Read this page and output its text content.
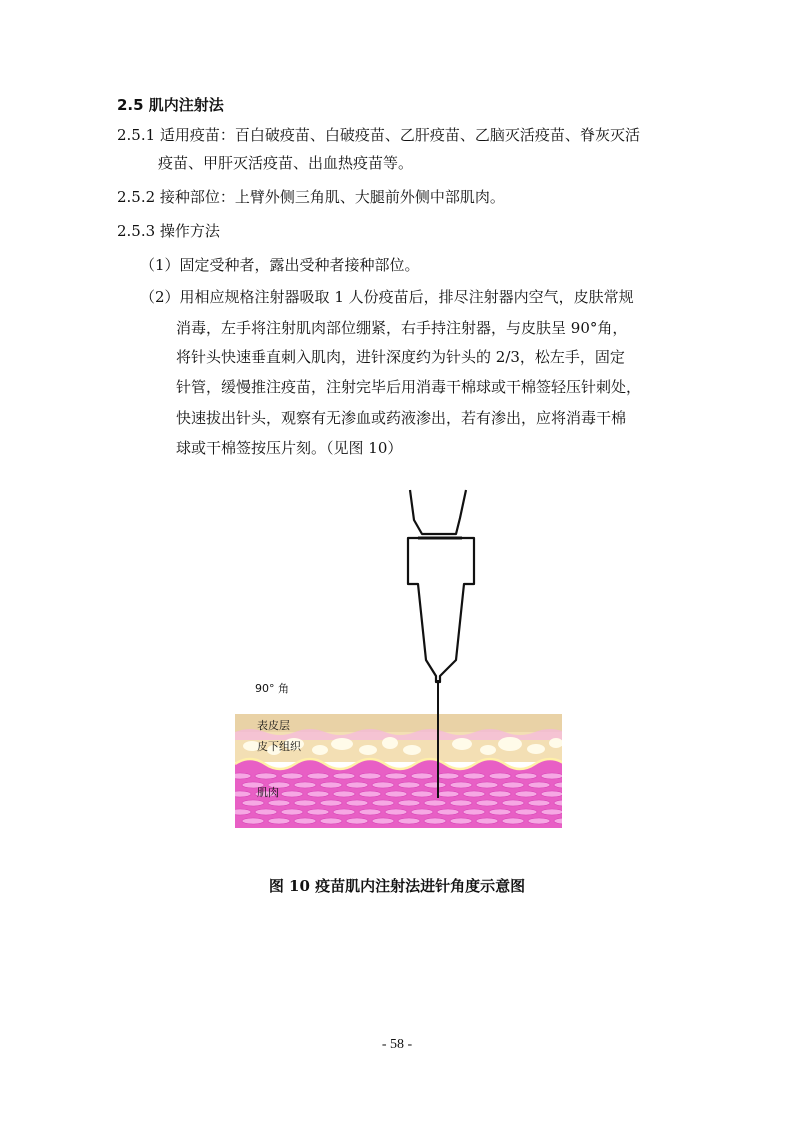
2.5 肌内注射法
2.5.1 适用疫苗：百白破疫苗、白破疫苗、乙肝疫苗、乙脑灭活疫苗、脊灰灭活
疫苗、甲肝灭活疫苗、出血热疫苗等。
2.5.2 接种部位：上臂外侧三角肌、大腿前外侧中部肌肉。
2.5.3 操作方法
（1）固定受种者，露出受种者接种部位。
（2）用相应规格注射器吸取 1 人份疫苗后，排尽注射器内空气，皮肤常规
消毒，左手将注射肌肉部位绷紧，右手持注射器，与皮肤呈 90°角，
将针头快速垂直刺入肌肉，进针深度约为针头的 2/3，松左手，固定
针管，缓慢推注疫苗，注射完毕后用消毒干棉球或干棉签轻压针刺处，
快速拔出针头，观察有无渗血或药液渗出，若有渗出，应将消毒干棉
球或干棉签按压片刻。（见图 10）
90° 角
表皮层
皮下组织
肌肉
图 10 疫苗肌内注射法进针角度示意图
- 58 -
